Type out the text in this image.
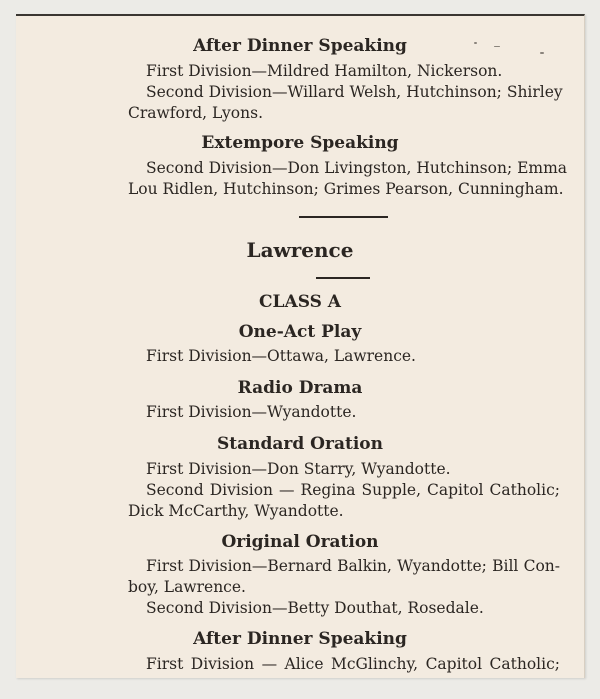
After Dinner Speaking
First Division—Mildred Hamilton, Nickerson.
Second Division—Willard Welsh, Hutchinson; Shirley
Crawford, Lyons.
Extempore Speaking
Second Division—Don Livingston, Hutchinson; Emma
Lou Ridlen, Hutchinson; Grimes Pearson, Cunningham.
Lawrence
CLASS A
One-Act Play
First Division—Ottawa, Lawrence.
Radio Drama
First Division—Wyandotte.
Standard Oration
First Division—Don Starry, Wyandotte.
Second Division — Regina Supple, Capitol Catholic;
Dick McCarthy, Wyandotte.
Original Oration
First Division—Bernard Balkin, Wyandotte; Bill Con-
boy, Lawrence.
Second Division—Betty Douthat, Rosedale.
After Dinner Speaking
First Division — Alice McGlinchy, Capitol Catholic;
